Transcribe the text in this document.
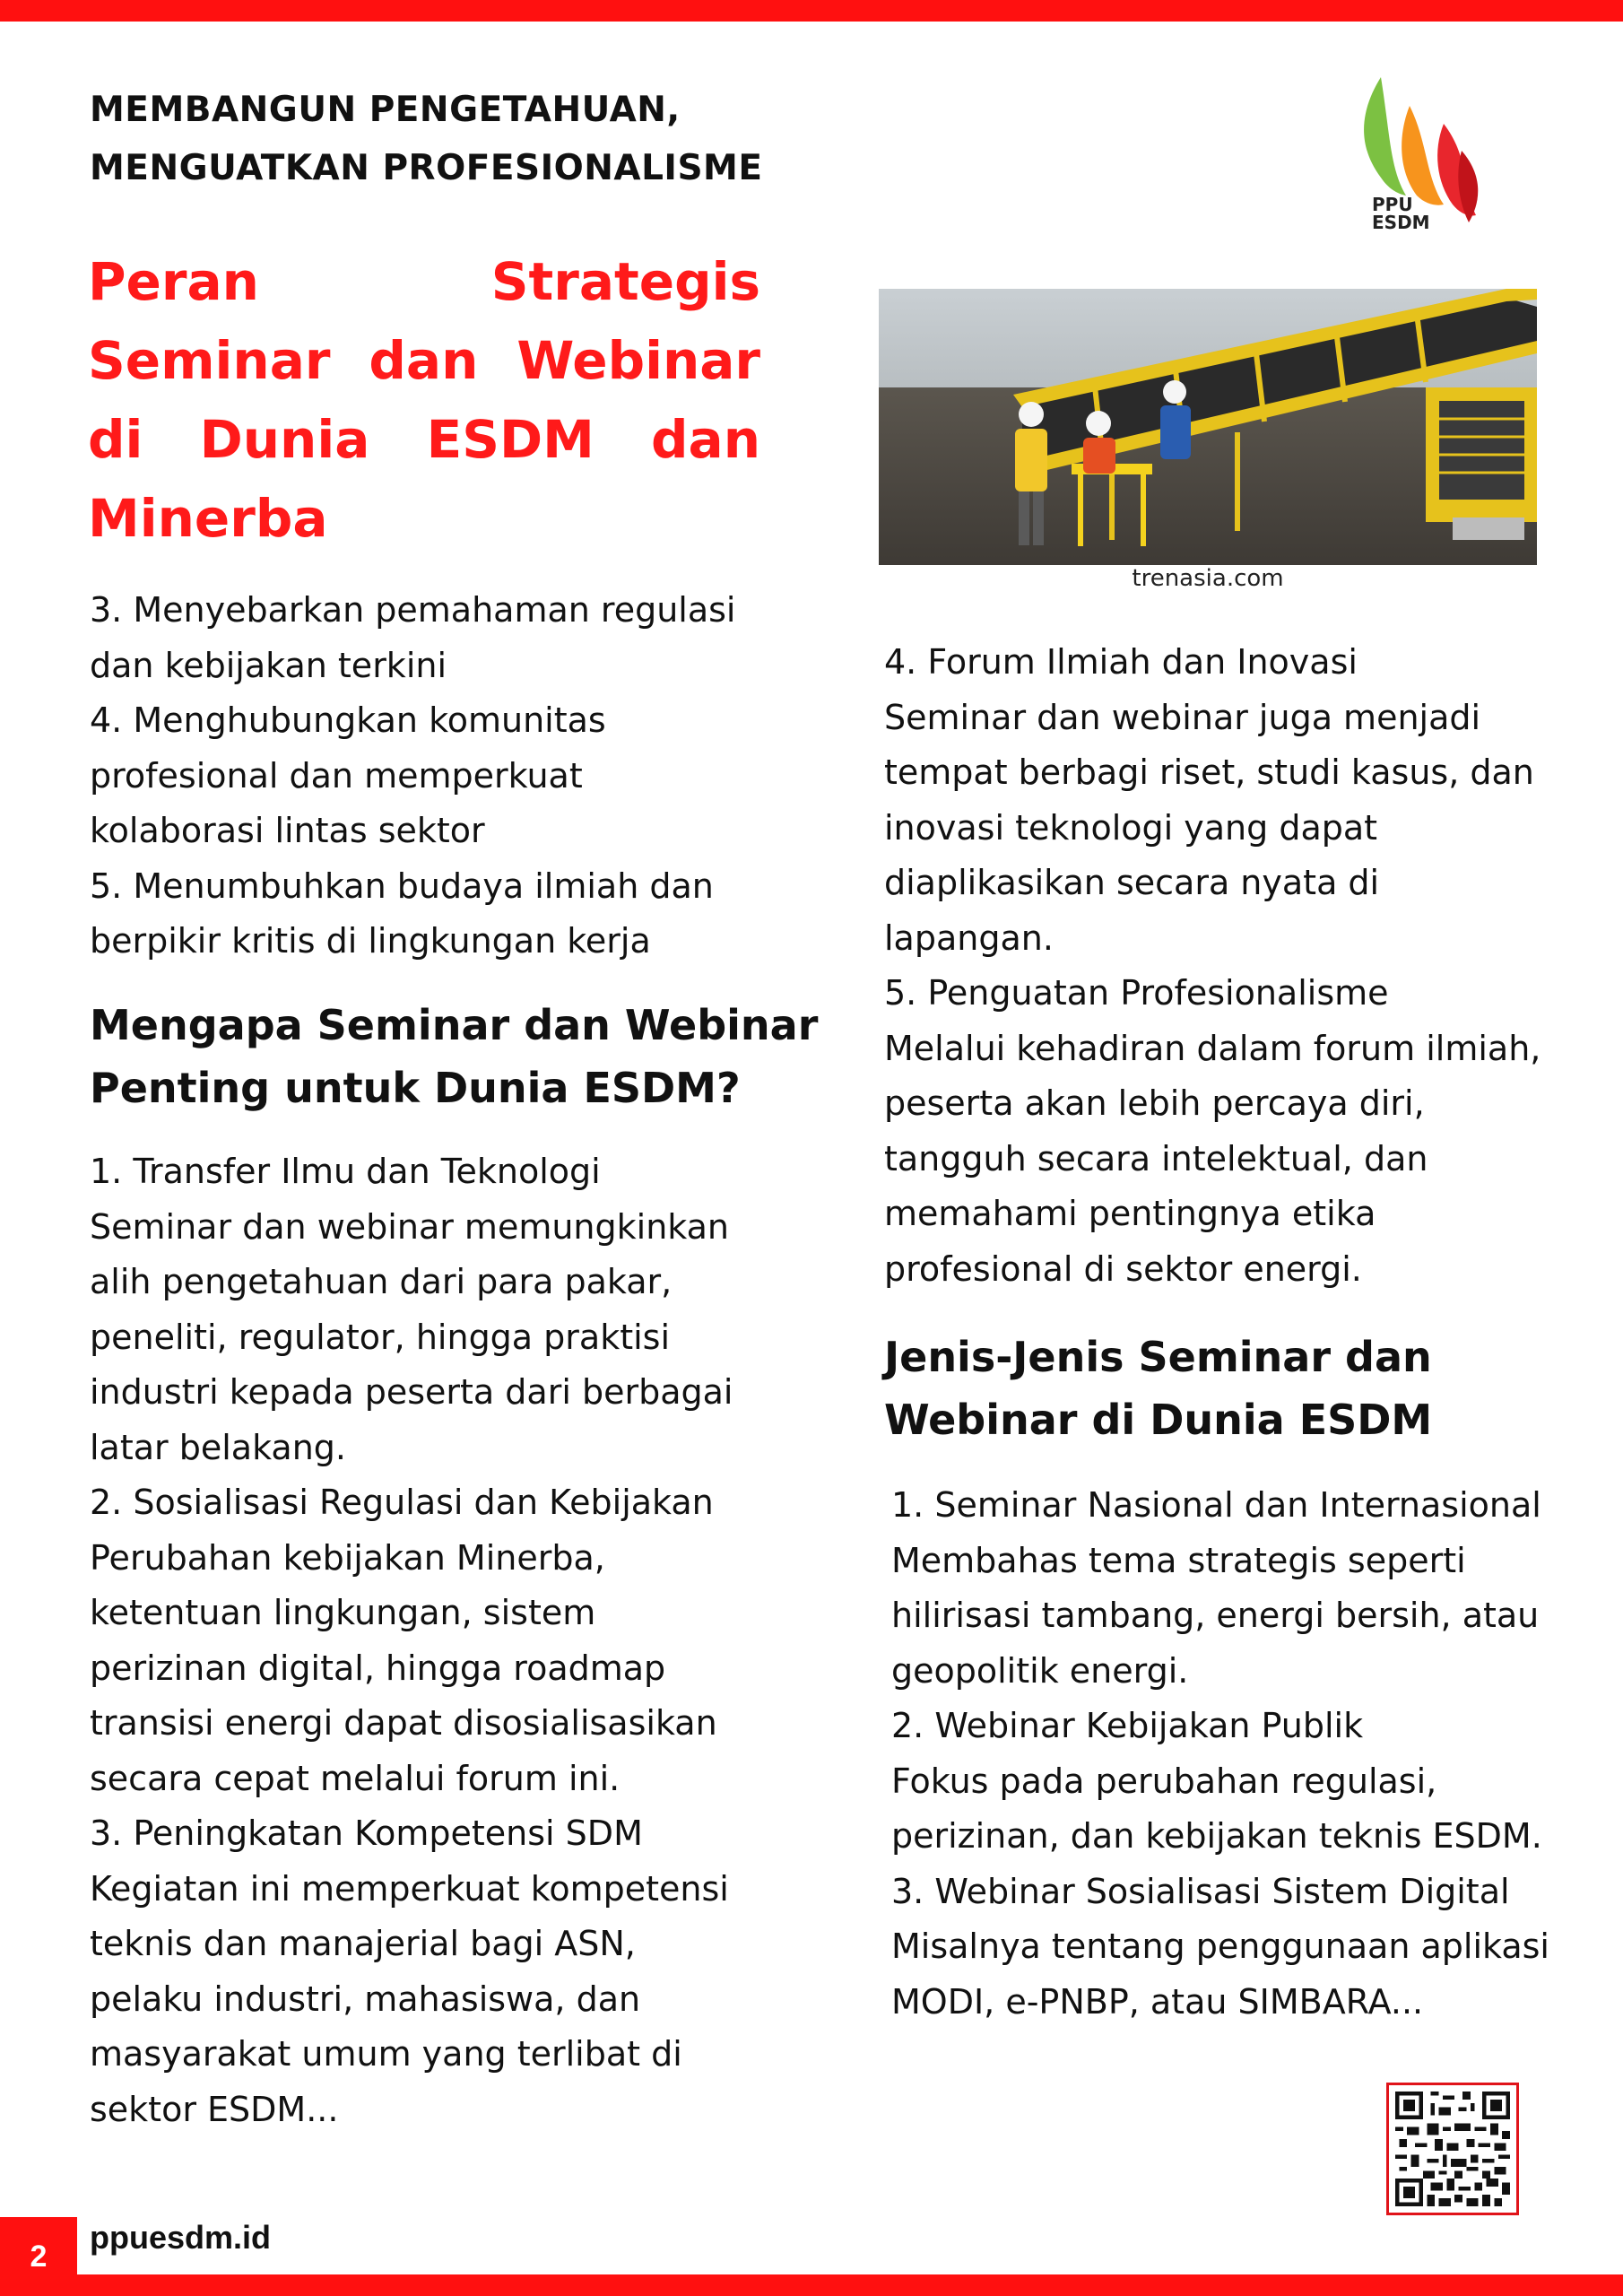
MEMBANGUN PENGETAHUAN,
MENGUATKAN PROFESIONALISME
Peran Strategis Seminar dan Webinar di Dunia ESDM dan Minerba
PPU
ESDM
trenasia.com

3. Menyebarkan pemahaman regulasi

dan kebijakan terkini

4. Menghubungkan komunitas

profesional dan memperkuat

kolaborasi lintas sektor

5. Menumbuhkan budaya ilmiah dan

berpikir kritis di lingkungan kerja

Mengapa Seminar dan Webinar
Penting untuk Dunia ESDM?

1. Transfer Ilmu dan Teknologi

Seminar dan webinar memungkinkan

alih pengetahuan dari para pakar,

peneliti, regulator, hingga praktisi

industri kepada peserta dari berbagai

latar belakang.

2. Sosialisasi Regulasi dan Kebijakan

Perubahan kebijakan Minerba,

ketentuan lingkungan, sistem

perizinan digital, hingga roadmap

transisi energi dapat disosialisasikan

secara cepat melalui forum ini.

3. Peningkatan Kompetensi SDM

Kegiatan ini memperkuat kompetensi

teknis dan manajerial bagi ASN,

pelaku industri, mahasiswa, dan

masyarakat umum yang terlibat di

sektor ESDM...

4. Forum Ilmiah dan Inovasi

Seminar dan webinar juga menjadi

tempat berbagi riset, studi kasus, dan

inovasi teknologi yang dapat

diaplikasikan secara nyata di

lapangan.

5. Penguatan Profesionalisme

Melalui kehadiran dalam forum ilmiah,

peserta akan lebih percaya diri,

tangguh secara intelektual, dan

memahami pentingnya etika

profesional di sektor energi.

Jenis-Jenis Seminar dan
Webinar di Dunia ESDM

1. Seminar Nasional dan Internasional

Membahas tema strategis seperti

hilirisasi tambang, energi bersih, atau

geopolitik energi.

2. Webinar Kebijakan Publik

Fokus pada perubahan regulasi,

perizinan, dan kebijakan teknis ESDM.

3. Webinar Sosialisasi Sistem Digital

Misalnya tentang penggunaan aplikasi

MODI, e-PNBP, atau SIMBARA...

2
ppuesdm.id
